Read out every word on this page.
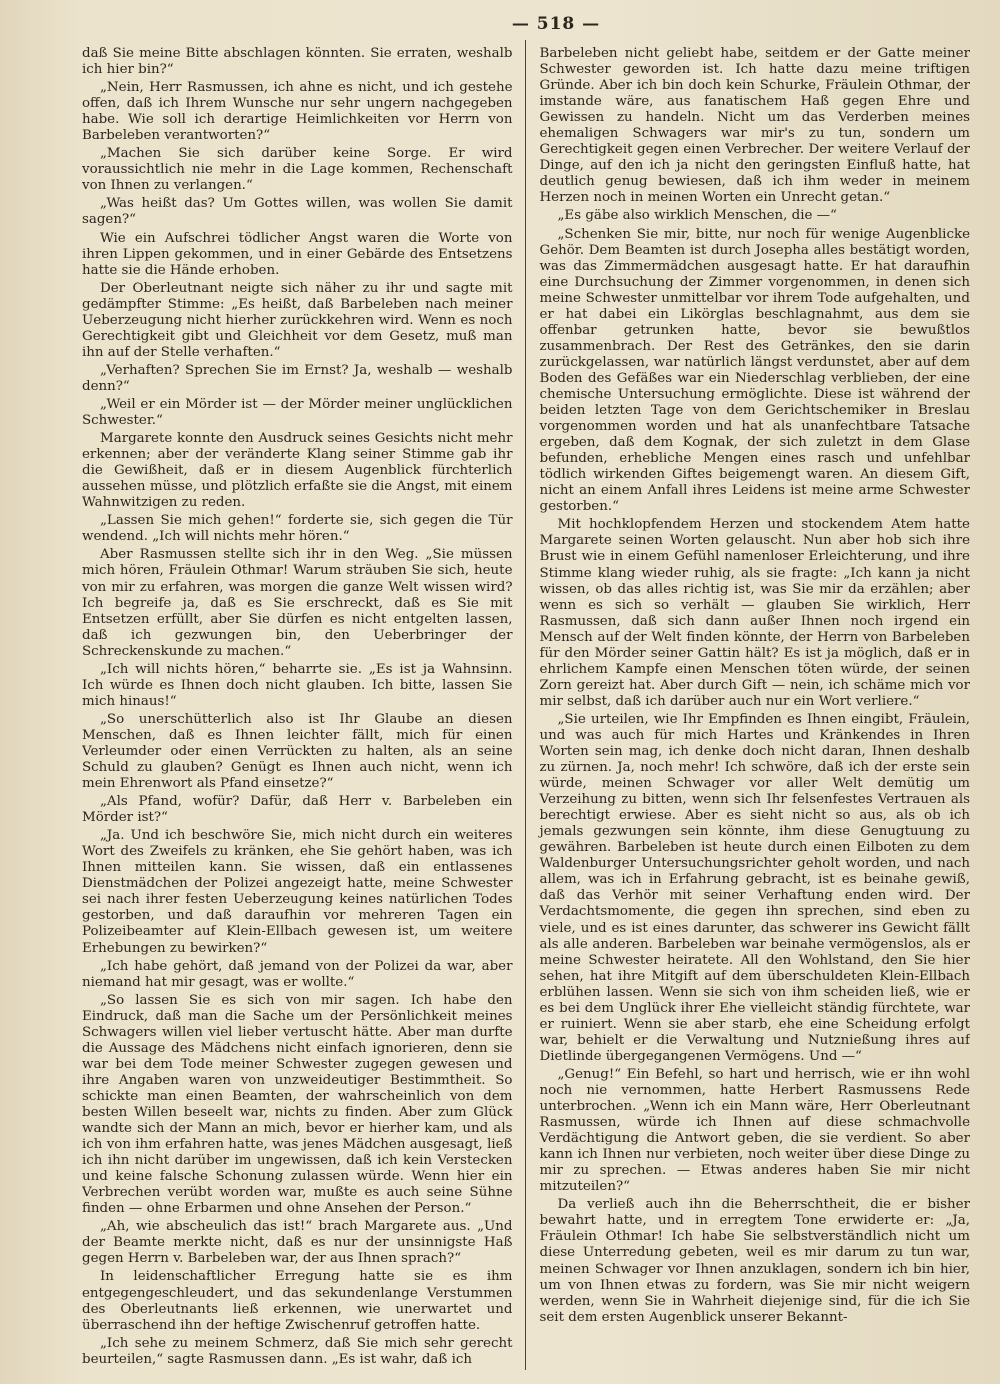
— 518 —

daß Sie meine Bitte abschlagen könnten. Sie erraten, weshalb ich hier bin?“

„Nein, Herr Rasmussen, ich ahne es nicht, und ich gestehe offen, daß ich Ihrem Wunsche nur sehr ungern nachgegeben habe. Wie soll ich derartige Heimlichkeiten vor Herrn von Barbeleben verantworten?“

„Machen Sie sich darüber keine Sorge. Er wird voraussichtlich nie mehr in die Lage kommen, Rechenschaft von Ihnen zu verlangen.“

„Was heißt das? Um Gottes willen, was wollen Sie damit sagen?“

Wie ein Aufschrei tödlicher Angst waren die Worte von ihren Lippen gekommen, und in einer Gebärde des Entsetzens hatte sie die Hände erhoben.

Der Oberleutnant neigte sich näher zu ihr und sagte mit gedämpfter Stimme: „Es heißt, daß Barbeleben nach meiner Ueberzeugung nicht hierher zurückkehren wird. Wenn es noch Gerechtigkeit gibt und Gleichheit vor dem Gesetz, muß man ihn auf der Stelle verhaften.“

„Verhaften? Sprechen Sie im Ernst? Ja, weshalb — weshalb denn?“

„Weil er ein Mörder ist — der Mörder meiner unglücklichen Schwester.“

Margarete konnte den Ausdruck seines Gesichts nicht mehr erkennen; aber der veränderte Klang seiner Stimme gab ihr die Gewißheit, daß er in diesem Augenblick fürchterlich aussehen müsse, und plötzlich erfaßte sie die Angst, mit einem Wahnwitzigen zu reden.

„Lassen Sie mich gehen!“ forderte sie, sich gegen die Tür wendend. „Ich will nichts mehr hören.“

Aber Rasmussen stellte sich ihr in den Weg. „Sie müssen mich hören, Fräulein Othmar! Warum sträuben Sie sich, heute von mir zu erfahren, was morgen die ganze Welt wissen wird? Ich begreife ja, daß es Sie erschreckt, daß es Sie mit Entsetzen erfüllt, aber Sie dürfen es nicht entgelten lassen, daß ich gezwungen bin, den Ueberbringer der Schreckenskunde zu machen.“

„Ich will nichts hören,“ beharrte sie. „Es ist ja Wahnsinn. Ich würde es Ihnen doch nicht glauben. Ich bitte, lassen Sie mich hinaus!“

„So unerschütterlich also ist Ihr Glaube an diesen Menschen, daß es Ihnen leichter fällt, mich für einen Verleumder oder einen Verrückten zu halten, als an seine Schuld zu glauben? Genügt es Ihnen auch nicht, wenn ich mein Ehrenwort als Pfand einsetze?“

„Als Pfand, wofür? Dafür, daß Herr v. Barbeleben ein Mörder ist?“

„Ja. Und ich beschwöre Sie, mich nicht durch ein weiteres Wort des Zweifels zu kränken, ehe Sie gehört haben, was ich Ihnen mitteilen kann. Sie wissen, daß ein entlassenes Dienstmädchen der Polizei angezeigt hatte, meine Schwester sei nach ihrer festen Ueberzeugung keines natürlichen Todes gestorben, und daß daraufhin vor mehreren Tagen ein Polizeibeamter auf Klein-Ellbach gewesen ist, um weitere Erhebungen zu bewirken?“

„Ich habe gehört, daß jemand von der Polizei da war, aber niemand hat mir gesagt, was er wollte.“

„So lassen Sie es sich von mir sagen. Ich habe den Eindruck, daß man die Sache um der Persönlichkeit meines Schwagers willen viel lieber vertuscht hätte. Aber man durfte die Aussage des Mädchens nicht einfach ignorieren, denn sie war bei dem Tode meiner Schwester zugegen gewesen und ihre Angaben waren von unzweideutiger Bestimmtheit. So schickte man einen Beamten, der wahrscheinlich von dem besten Willen beseelt war, nichts zu finden. Aber zum Glück wandte sich der Mann an mich, bevor er hierher kam, und als ich von ihm erfahren hatte, was jenes Mädchen ausgesagt, ließ ich ihn nicht darüber im ungewissen, daß ich kein Verstecken und keine falsche Schonung zulassen würde. Wenn hier ein Verbrechen verübt worden war, mußte es auch seine Sühne finden — ohne Erbarmen und ohne Ansehen der Person.“

„Ah, wie abscheulich das ist!“ brach Margarete aus. „Und der Beamte merkte nicht, daß es nur der unsinnigste Haß gegen Herrn v. Barbeleben war, der aus Ihnen sprach?“

In leidenschaftlicher Erregung hatte sie es ihm entgegengeschleudert, und das sekundenlange Verstummen des Oberleutnants ließ erkennen, wie unerwartet und überraschend ihn der heftige Zwischenruf getroffen hatte.

„Ich sehe zu meinem Schmerz, daß Sie mich sehr gerecht beurteilen,“ sagte Rasmussen dann. „Es ist wahr, daß ich

Barbeleben nicht geliebt habe, seitdem er der Gatte meiner Schwester geworden ist. Ich hatte dazu meine triftigen Gründe. Aber ich bin doch kein Schurke, Fräulein Othmar, der imstande wäre, aus fanatischem Haß gegen Ehre und Gewissen zu handeln. Nicht um das Verderben meines ehemaligen Schwagers war mir's zu tun, sondern um Gerechtigkeit gegen einen Verbrecher. Der weitere Verlauf der Dinge, auf den ich ja nicht den geringsten Einfluß hatte, hat deutlich genug bewiesen, daß ich ihm weder in meinem Herzen noch in meinen Worten ein Unrecht getan.“

„Es gäbe also wirklich Menschen, die —“

„Schenken Sie mir, bitte, nur noch für wenige Augenblicke Gehör. Dem Beamten ist durch Josepha alles bestätigt worden, was das Zimmermädchen ausgesagt hatte. Er hat daraufhin eine Durchsuchung der Zimmer vorgenommen, in denen sich meine Schwester unmittelbar vor ihrem Tode aufgehalten, und er hat dabei ein Likörglas beschlagnahmt, aus dem sie offenbar getrunken hatte, bevor sie bewußtlos zusammenbrach. Der Rest des Getränkes, den sie darin zurückgelassen, war natürlich längst verdunstet, aber auf dem Boden des Gefäßes war ein Niederschlag verblieben, der eine chemische Untersuchung ermöglichte. Diese ist während der beiden letzten Tage von dem Gerichtschemiker in Breslau vorgenommen worden und hat als unanfechtbare Tatsache ergeben, daß dem Kognak, der sich zuletzt in dem Glase befunden, erhebliche Mengen eines rasch und unfehlbar tödlich wirkenden Giftes beigemengt waren. An diesem Gift, nicht an einem Anfall ihres Leidens ist meine arme Schwester gestorben.“

Mit hochklopfendem Herzen und stockendem Atem hatte Margarete seinen Worten gelauscht. Nun aber hob sich ihre Brust wie in einem Gefühl namenloser Erleichterung, und ihre Stimme klang wieder ruhig, als sie fragte: „Ich kann ja nicht wissen, ob das alles richtig ist, was Sie mir da erzählen; aber wenn es sich so verhält — glauben Sie wirklich, Herr Rasmussen, daß sich dann außer Ihnen noch irgend ein Mensch auf der Welt finden könnte, der Herrn von Barbeleben für den Mörder seiner Gattin hält? Es ist ja möglich, daß er in ehrlichem Kampfe einen Menschen töten würde, der seinen Zorn gereizt hat. Aber durch Gift — nein, ich schäme mich vor mir selbst, daß ich darüber auch nur ein Wort verliere.“

„Sie urteilen, wie Ihr Empfinden es Ihnen eingibt, Fräulein, und was auch für mich Hartes und Kränkendes in Ihren Worten sein mag, ich denke doch nicht daran, Ihnen deshalb zu zürnen. Ja, noch mehr! Ich schwöre, daß ich der erste sein würde, meinen Schwager vor aller Welt demütig um Verzeihung zu bitten, wenn sich Ihr felsenfestes Vertrauen als berechtigt erwiese. Aber es sieht nicht so aus, als ob ich jemals gezwungen sein könnte, ihm diese Genugtuung zu gewähren. Barbeleben ist heute durch einen Eilboten zu dem Waldenburger Untersuchungsrichter geholt worden, und nach allem, was ich in Erfahrung gebracht, ist es beinahe gewiß, daß das Verhör mit seiner Verhaftung enden wird. Der Verdachtsmomente, die gegen ihn sprechen, sind eben zu viele, und es ist eines darunter, das schwerer ins Gewicht fällt als alle anderen. Barbeleben war beinahe vermögenslos, als er meine Schwester heiratete. All den Wohlstand, den Sie hier sehen, hat ihre Mitgift auf dem überschuldeten Klein-Ellbach erblühen lassen. Wenn sie sich von ihm scheiden ließ, wie er es bei dem Unglück ihrer Ehe vielleicht ständig fürchtete, war er ruiniert. Wenn sie aber starb, ehe eine Scheidung erfolgt war, behielt er die Verwaltung und Nutznießung ihres auf Dietlinde übergegangenen Vermögens. Und —“

„Genug!“ Ein Befehl, so hart und herrisch, wie er ihn wohl noch nie vernommen, hatte Herbert Rasmussens Rede unterbrochen. „Wenn ich ein Mann wäre, Herr Oberleutnant Rasmussen, würde ich Ihnen auf diese schmachvolle Verdächtigung die Antwort geben, die sie verdient. So aber kann ich Ihnen nur verbieten, noch weiter über diese Dinge zu mir zu sprechen. — Etwas anderes haben Sie mir nicht mitzuteilen?“

Da verließ auch ihn die Beherrschtheit, die er bisher bewahrt hatte, und in erregtem Tone erwiderte er: „Ja, Fräulein Othmar! Ich habe Sie selbstverständlich nicht um diese Unterredung gebeten, weil es mir darum zu tun war, meinen Schwager vor Ihnen anzuklagen, sondern ich bin hier, um von Ihnen etwas zu fordern, was Sie mir nicht weigern werden, wenn Sie in Wahrheit diejenige sind, für die ich Sie seit dem ersten Augenblick unserer Bekannt-
